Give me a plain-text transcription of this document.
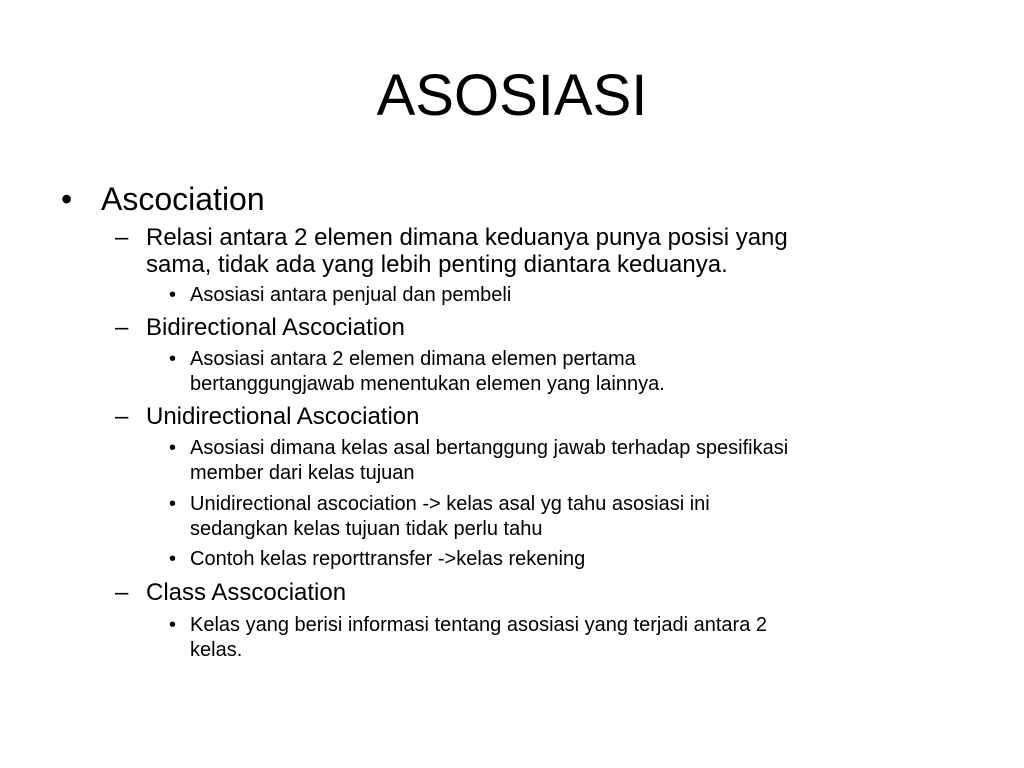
ASOSIASI
• Ascociation
– Relasi antara 2 elemen dimana keduanya punya posisi yang
sama, tidak ada yang lebih penting diantara keduanya.
• Asosiasi antara penjual dan pembeli
– Bidirectional Ascociation
• Asosiasi antara 2 elemen dimana elemen pertama
bertanggungjawab menentukan elemen yang lainnya.
– Unidirectional Ascociation
• Asosiasi dimana kelas asal bertanggung jawab terhadap spesifikasi
member dari kelas tujuan
• Unidirectional ascociation -> kelas asal yg tahu asosiasi ini
sedangkan kelas tujuan tidak perlu tahu
• Contoh kelas reporttransfer ->kelas rekening
– Class Asscociation
• Kelas yang berisi informasi tentang asosiasi yang terjadi antara 2
kelas.
